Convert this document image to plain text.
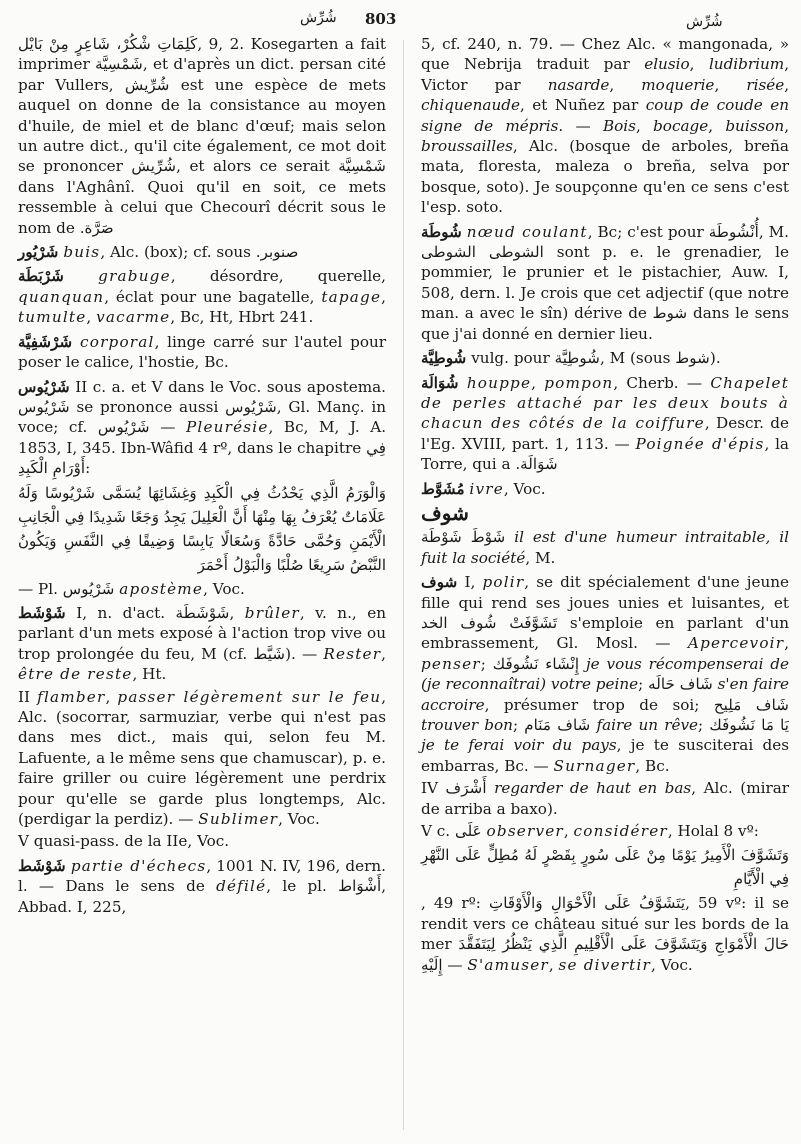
شُرِّش 803	شُرِّش

كَلِمَاتِ شْكُرْ، شَاعِرٍ مِنْ بَايْل, 9, 2. Kosegarten a fait imprimer شَمْسِيَّة, et d'après un dict. persan cité par Vullers, شُرِّيش est une espèce de mets auquel on donne de la consistance au moyen d'huile, de miel et de blanc d'œuf; mais selon un autre dict., qu'il cite également, ce mot doit se prononcer شُرِّيش, et alors ce serait شَمْسِيَّة dans l'Aghânî. Quoi qu'il en soit, ce mets ressemble à celui que Checourî décrit sous le nom de صَرَّة.

شَرْيُور buis, Alc. (box); cf. sous صنوبر.

شَرْبَطَة grabuge, désordre, querelle, quanquan, éclat pour une bagatelle, tapage, tumulte, vacarme, Bc, Ht, Hbrt 241.

شَرْشَفِيَّة corporal, linge carré sur l'autel pour poser le calice, l'hostie, Bc.

شَرْيُوس II c. a. et V dans le Voc. sous apostema. شَرْيُوس se prononce aussi شَرْيُوس, Gl. Manç. in voce; cf. شَرْيُوس — Pleurésie, Bc, M, J. A. 1853, I, 345. Ibn-Wâfid 4 rº, dans le chapitre فِي أَوْرَامِ الْكَبِدِ:

وَالْوَرَمُ الَّذِي يَحْدُثُ فِي الْكَبِدِ وَغِشَائِهَا يُسَمَّى شَرْيُوسًا وَلَهُ عَلَامَاتٌ يُعْرَفُ بِهَا مِنْهَا أَنَّ الْعَلِيلَ يَجِدُ وَجَعًا شَدِيدًا فِي الْجَانِبِ الْأَيْمَنِ وَحُمَّى حَادَّةً وَسُعَالًا يَابِسًا وَضِيقًا فِي النَّفَسِ وَيَكُونُ النَّبْضُ سَرِيعًا صُلْبًا وَالْبَوْلُ أَحْمَرَ

— Pl. شَرْيُوس apostème, Voc.

شَوْشَط I, n. d'act. شَوْشَطَة, brûler, v. n., en parlant d'un mets exposé à l'action trop vive ou trop prolongée du feu, M (cf. شَيَّط). — Rester, être de reste, Ht.

II flamber, passer légèrement sur le feu, Alc. (socorrar, sarmuziar, verbe qui n'est pas dans mes dict., mais qui, selon feu M. Lafuente, a le même sens que chamuscar), p. e. faire griller ou cuire légèrement une perdrix pour qu'elle se garde plus longtemps, Alc. (perdigar la perdiz). — Sublimer, Voc.

V quasi-pass. de la IIe, Voc.

شَوْشَط partie d'échecs, 1001 N. IV, 196, dern. l. — Dans le sens de défilé, le pl. أَشْوَاط, Abbad. I, 225,

5, cf. 240, n. 79. — Chez Alc. « mangonada, » que Nebrija traduit par elusio, ludibrium, Victor par nasarde, moquerie, risée, chiquenaude, et Nuñez par coup de coude en signe de mépris. — Bois, bocage, buisson, broussailles, Alc. (bosque de arboles, breña mata, floresta, maleza o breña, selva por bosque, soto). Je soupçonne qu'en ce sens c'est l'esp. soto.

شُوطَة nœud coulant, Bc; c'est pour أُنْشُوطَة, M. الشوطى الشوطى sont p. e. le grenadier, le pommier, le prunier et le pistachier, Auw. I, 508, dern. l. Je crois que cet adjectif (que notre man. a avec le sîn) dérive de شوط dans le sens que j'ai donné en dernier lieu.

شُوطِيَّة vulg. pour شُوطِيَّة, M (sous شوط).

شُوَالَة houppe, pompon, Cherb. — Chapelet de perles attaché par les deux bouts à chacun des côtés de la coiffure, Descr. de l'Eg. XVIII, part. 1, 113. — Poignée d'épis, la Torre, qui a شَوَالَة.

مُشَوَّط ivre, Voc.

شوف

شَوْطَة شَوْطَ il est d'une humeur intraitable, il fuit la société, M.

شوف I, polir, se dit spécialement d'une jeune fille qui rend ses joues unies et luisantes, et شُوف الخد تَشَوَّفَتْ s'emploie en parlant d'un embrassement, Gl. Mosl. — Apercevoir, penser; إِنْشَاء نَشُوفَك je vous récompenserai de (je reconnaîtrai) votre peine; شَاف حَالَه s'en faire accroire, présumer trop de soi; شَاف مَلِيح trouver bon; شَاف مَنَام faire un rêve; يَا مَا نَشُوفَك je te ferai voir du pays, je te susciterai des embarras, Bc. — Surnager, Bc.

IV أَشْرَف regarder de haut en bas, Alc. (mirar de arriba a baxo).

V c. عَلَى observer, considérer, Holal 8 vº:

وَتَشَوَّفَ الْأَمِيرُ يَوْمًا مِنْ عَلَى سُورٍ بِقَصْرٍ لَهُ مُطِلٍّ عَلَى النَّهْرِ فِي الْأَيَّامِ

, 49 rº: يَتَشَوَّفُ عَلَى الْأَحْوَالِ وَالْأَوْقَاتِ, 59 vº: il se rendit vers ce château situé sur les bords de la mer لِيَتَفَقَّدَ حَالَ الْأَمْوَاجِ وَيَتَشَوَّفَ عَلَى الْأَقْلِيمِ الَّذِي يَنْظُرُ إِلَيْهِ — S'amuser, se divertir, Voc.
